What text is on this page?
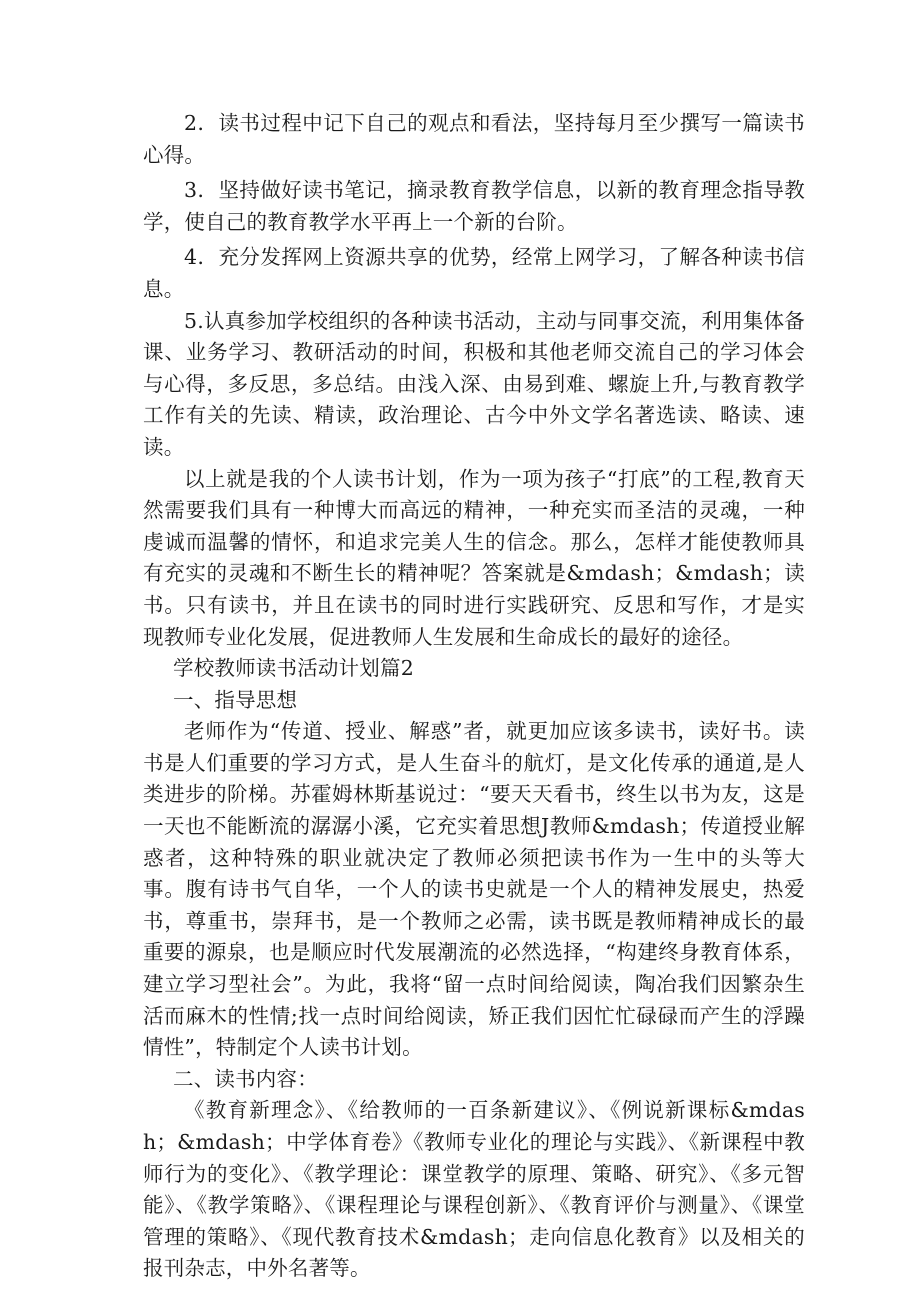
2．读书过程中记下自己的观点和看法，坚持每月至少撰写一篇读书心得。

3．坚持做好读书笔记，摘录教育教学信息，以新的教育理念指导教学，使自己的教育教学水平再上一个新的台阶。

4．充分发挥网上资源共享的优势，经常上网学习，了解各种读书信息。

5.认真参加学校组织的各种读书活动，主动与同事交流，利用集体备课、业务学习、教研活动的时间，积极和其他老师交流自己的学习体会与心得，多反思，多总结。由浅入深、由易到难、螺旋上升,与教育教学工作有关的先读、精读，政治理论、古今中外文学名著选读、略读、速读。

以上就是我的个人读书计划，作为一项为孩子“打底”的工程,教育天然需要我们具有一种博大而高远的精神，一种充实而圣洁的灵魂，一种虔诚而温馨的情怀，和追求完美人生的信念。那么，怎样才能使教师具有充实的灵魂和不断生长的精神呢？答案就是&mdash；&mdash；读书。只有读书，并且在读书的同时进行实践研究、反思和写作，才是实现教师专业化发展，促进教师人生发展和生命成长的最好的途径。

学校教师读书活动计划篇2

一、指导思想

老师作为“传道、授业、解惑”者，就更加应该多读书，读好书。读书是人们重要的学习方式，是人生奋斗的航灯，是文化传承的通道,是人类进步的阶梯。苏霍姆林斯基说过：“要天天看书，终生以书为友，这是一天也不能断流的潺潺小溪，它充实着思想J教师&mdash；传道授业解惑者，这种特殊的职业就决定了教师必须把读书作为一生中的头等大事。腹有诗书气自华，一个人的读书史就是一个人的精神发展史，热爱书，尊重书，崇拜书，是一个教师之必需，读书既是教师精神成长的最重要的源泉，也是顺应时代发展潮流的必然选择，“构建终身教育体系，建立学习型社会”。为此，我将“留一点时间给阅读，陶冶我们因繁杂生活而麻木的性情;找一点时间给阅读，矫正我们因忙忙碌碌而产生的浮躁情性”，特制定个人读书计划。

二、读书内容：

《教育新理念》、《给教师的一百条新建议》、《例说新课标&mdash；&mdash；中学体育卷》《教师专业化的理论与实践》、《新课程中教师行为的变化》、《教学理论：课堂教学的原理、策略、研究》、《多元智能》、《教学策略》、《课程理论与课程创新》、《教育评价与测量》、《课堂管理的策略》、《现代教育技术&mdash；走向信息化教育》以及相关的报刊杂志，中外名著等。
